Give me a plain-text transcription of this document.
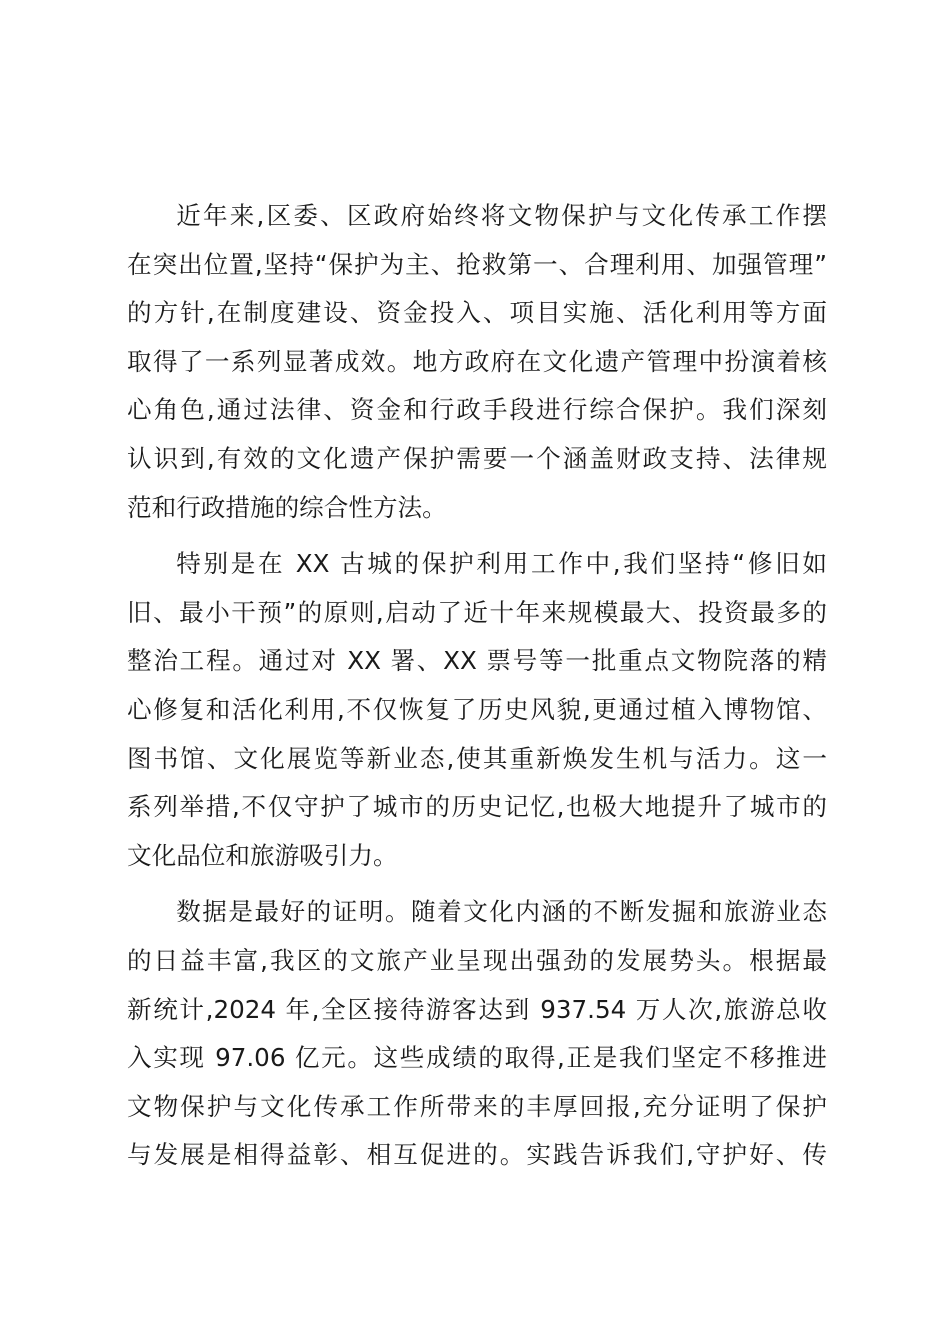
近年来,区委、区政府始终将文物保护与文化传承工作摆
在突出位置,坚持“保护为主、抢救第一、合理利用、加强管理”
的方针,在制度建设、资金投入、项目实施、活化利用等方面
取得了一系列显著成效。地方政府在文化遗产管理中扮演着核
心角色,通过法律、资金和行政手段进行综合保护。我们深刻
认识到,有效的文化遗产保护需要一个涵盖财政支持、法律规
范和行政措施的综合性方法。

特别是在 XX 古城的保护利用工作中,我们坚持“修旧如
旧、最小干预”的原则,启动了近十年来规模最大、投资最多的
整治工程。通过对 XX 署、XX 票号等一批重点文物院落的精
心修复和活化利用,不仅恢复了历史风貌,更通过植入博物馆、
图书馆、文化展览等新业态,使其重新焕发生机与活力。这一
系列举措,不仅守护了城市的历史记忆,也极大地提升了城市的
文化品位和旅游吸引力。

数据是最好的证明。随着文化内涵的不断发掘和旅游业态
的日益丰富,我区的文旅产业呈现出强劲的发展势头。根据最
新统计,2024 年,全区接待游客达到 937.54 万人次,旅游总收
入实现 97.06 亿元。这些成绩的取得,正是我们坚定不移推进
文物保护与文化传承工作所带来的丰厚回报,充分证明了保护
与发展是相得益彰、相互促进的。实践告诉我们,守护好、传
